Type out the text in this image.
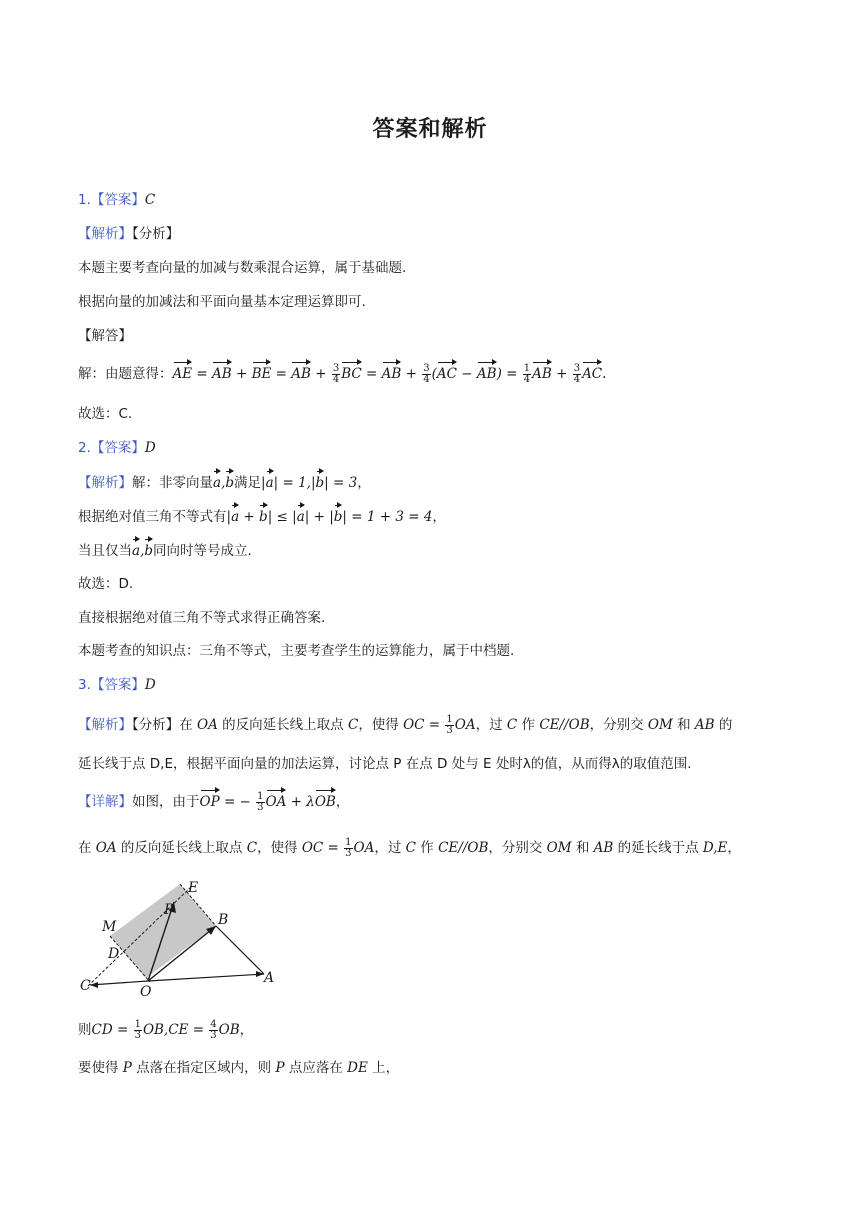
答案和解析
1.【答案】C
【解析】【分析】
本题主要考查向量的加减与数乘混合运算，属于基础题.
根据向量的加减法和平面向量基本定理运算即可.
【解答】
解：由题意得：AE = AB + BE = AB + $\frac{3}{4}$ BC = AB + $\frac{3}{4} (AC - AB) = \frac{1}{4}$ AB + $\frac{3}{4}$ AC.
故选：C.
2.【答案】D
【解析】解：非零向量a,b满足|a| = 1,|b| = 3，
根据绝对值三角不等式有|a + b| ≤ |a| + |b| = 1 + 3 = 4，
当且仅当a,b同向时等号成立.
故选：D.
直接根据绝对值三角不等式求得正确答案.
本题考查的知识点：三角不等式，主要考查学生的运算能力，属于中档题.
3.【答案】D
【解析】【分析】在 OA 的反向延长线上取点 C，使得 OC = $\frac{1}{3}$ OA，过 C 作 CE//OB，分别交 OM 和 AB 的
延长线于点 D,E，根据平面向量的加法运算，讨论点 P 在点 D 处与 E 处时λ的值，从而得λ的取值范围.
【详解】如图，由于OP = − $\frac{1}{3}$ OA + λOB，
在 OA 的反向延长线上取点 C，使得 OC = $\frac{1}{3}$ OA，过 C 作 CE//OB，分别交 OM 和 AB 的延长线于点 D,E，
E
M
P
B
D
C	O
A
则CD = $\frac{1}{3} OB,CE = \frac{4}{3}$ OB，
要使得 P 点落在指定区域内，则 P 点应落在 DE 上，
